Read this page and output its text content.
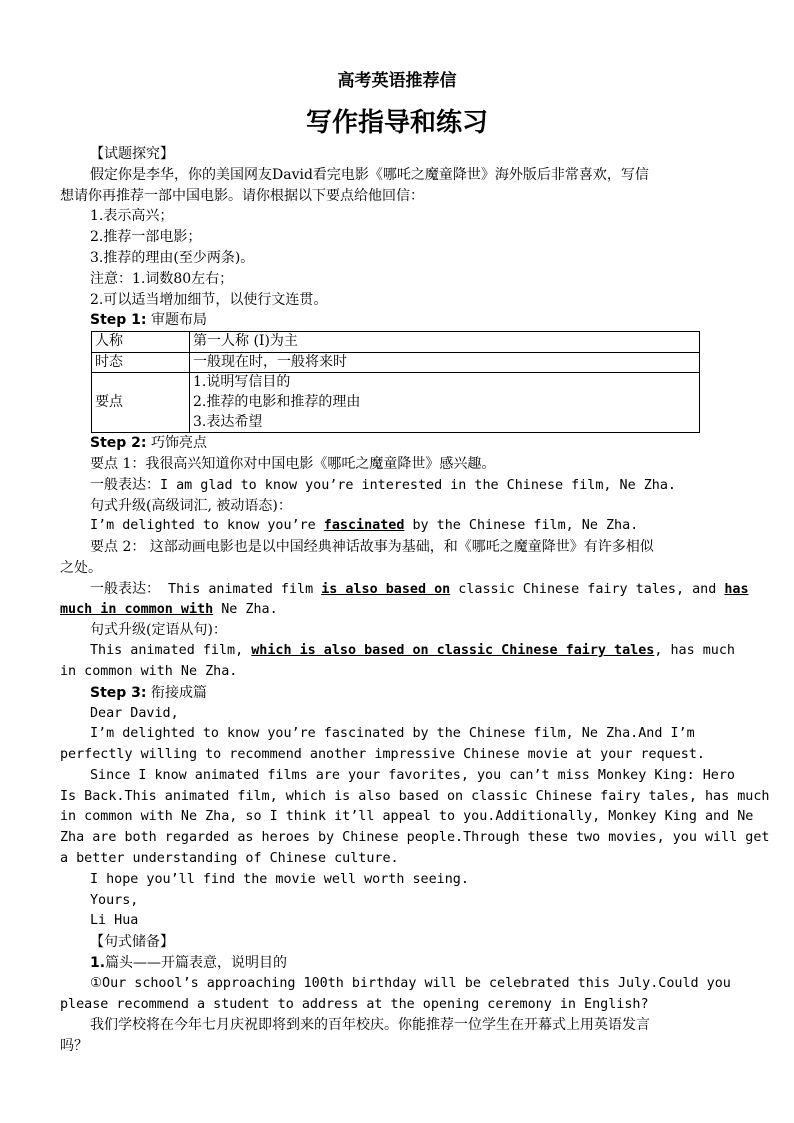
高考英语推荐信
写作指导和练习
【试题探究】
假定你是李华，你的美国网友David看完电影《哪吒之魔童降世》海外版后非常喜欢，写信
想请你再推荐一部中国电影。请你根据以下要点给他回信：
1.表示高兴；
2.推荐一部电影；
3.推荐的理由(至少两条)。
注意：1.词数80左右；
2.可以适当增加细节，以使行文连贯。
Step 1: 审题布局
人称	第一人称 (I)为主
时态	一般现在时，一般将来时
要点	1.说明写信目的
2.推荐的电影和推荐的理由
3.表达希望
Step 2: 巧饰亮点
要点 1：我很高兴知道你对中国电影《哪吒之魔童降世》感兴趣。
一般表达：I am glad to know you’re interested in the Chinese film, Ne Zha.
句式升级(高级词汇, 被动语态)：
I’m delighted to know you’re fascinated by the Chinese film, Ne Zha.
要点 2： 这部动画电影也是以中国经典神话故事为基础，和《哪吒之魔童降世》有许多相似
之处。
一般表达： This animated film is also based on classic Chinese fairy tales, and has
much in common with Ne Zha.
句式升级(定语从句)：
This animated film, which is also based on classic Chinese fairy tales, has much
in common with Ne Zha.
Step 3: 衔接成篇
Dear David,
I’m delighted to know you’re fascinated by the Chinese film, Ne Zha.And I’m
perfectly willing to recommend another impressive Chinese movie at your request.
Since I know animated films are your favorites, you can’t miss Monkey King: Hero
Is Back.This animated film, which is also based on classic Chinese fairy tales, has much
in common with Ne Zha, so I think it’ll appeal to you.Additionally, Monkey King and Ne
Zha are both regarded as heroes by Chinese people.Through these two movies, you will get
a better understanding of Chinese culture.
I hope you’ll find the movie well worth seeing.
Yours,
Li Hua
【句式储备】
1.篇头——开篇表意，说明目的
①Our school’s approaching 100th birthday will be celebrated this July.Could you
please recommend a student to address at the opening ceremony in English?
我们学校将在今年七月庆祝即将到来的百年校庆。你能推荐一位学生在开幕式上用英语发言
吗？
